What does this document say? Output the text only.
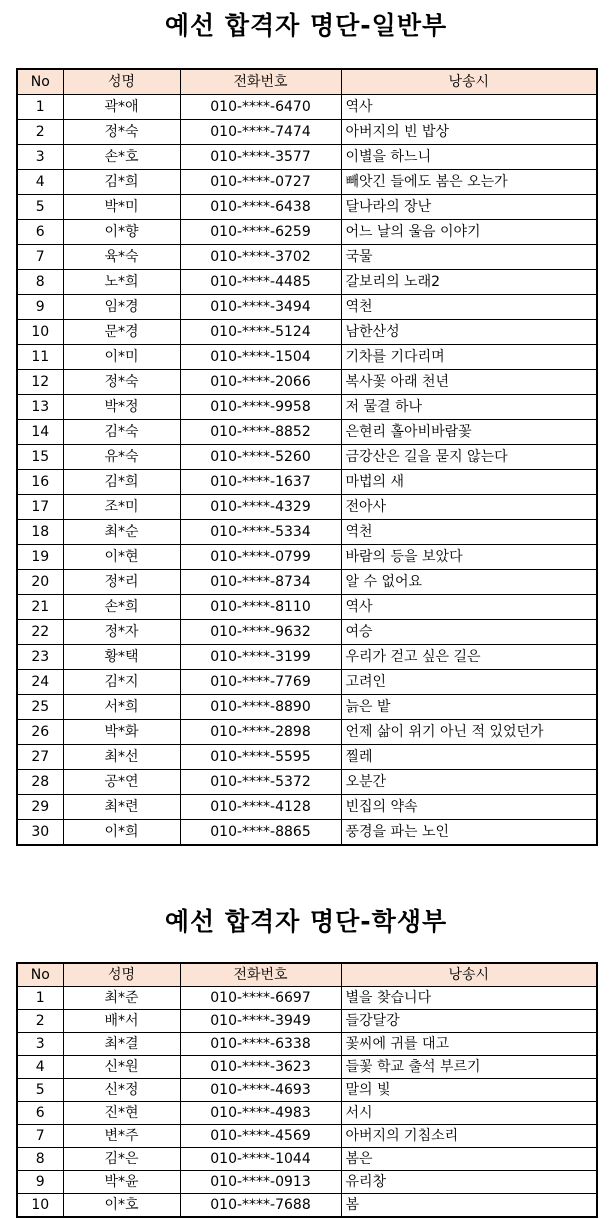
예선 합격자 명단-일반부
No	성명	전화번호	낭송시
1	곽*애	010-****-6470	역사
2	정*숙	010-****-7474	아버지의 빈 밥상
3	손*호	010-****-3577	이별을 하느니
4	김*희	010-****-0727	빼앗긴 들에도 봄은 오는가
5	박*미	010-****-6438	달나라의 장난
6	이*향	010-****-6259	어느 날의 울음 이야기
7	육*숙	010-****-3702	국물
8	노*희	010-****-4485	갈보리의 노래2
9	임*경	010-****-3494	역천
10	문*경	010-****-5124	남한산성
11	이*미	010-****-1504	기차를 기다리며
12	정*숙	010-****-2066	복사꽃 아래 천년
13	박*정	010-****-9958	저 물결 하나
14	김*숙	010-****-8852	은현리 홀아비바람꽃
15	유*숙	010-****-5260	금강산은 길을 묻지 않는다
16	김*희	010-****-1637	마법의 새
17	조*미	010-****-4329	전아사
18	최*순	010-****-5334	역천
19	이*현	010-****-0799	바람의 등을 보았다
20	정*리	010-****-8734	알 수 없어요
21	손*희	010-****-8110	역사
22	정*자	010-****-9632	여승
23	황*택	010-****-3199	우리가 걷고 싶은 길은
24	김*지	010-****-7769	고려인
25	서*희	010-****-8890	늙은 밭
26	박*화	010-****-2898	언제 삶이 위기 아닌 적 있었던가
27	최*선	010-****-5595	찔레
28	공*연	010-****-5372	오분간
29	최*련	010-****-4128	빈집의 약속
30	이*희	010-****-8865	풍경을 파는 노인
예선 합격자 명단-학생부
No	성명	전화번호	낭송시
1	최*준	010-****-6697	별을 찾습니다
2	배*서	010-****-3949	들강달강
3	최*결	010-****-6338	꽃씨에 귀를 대고
4	신*원	010-****-3623	들꽃 학교 출석 부르기
5	신*정	010-****-4693	말의 빛
6	진*현	010-****-4983	서시
7	변*주	010-****-4569	아버지의 기침소리
8	김*은	010-****-1044	봄은
9	박*윤	010-****-0913	유리창
10	이*호	010-****-7688	봄
